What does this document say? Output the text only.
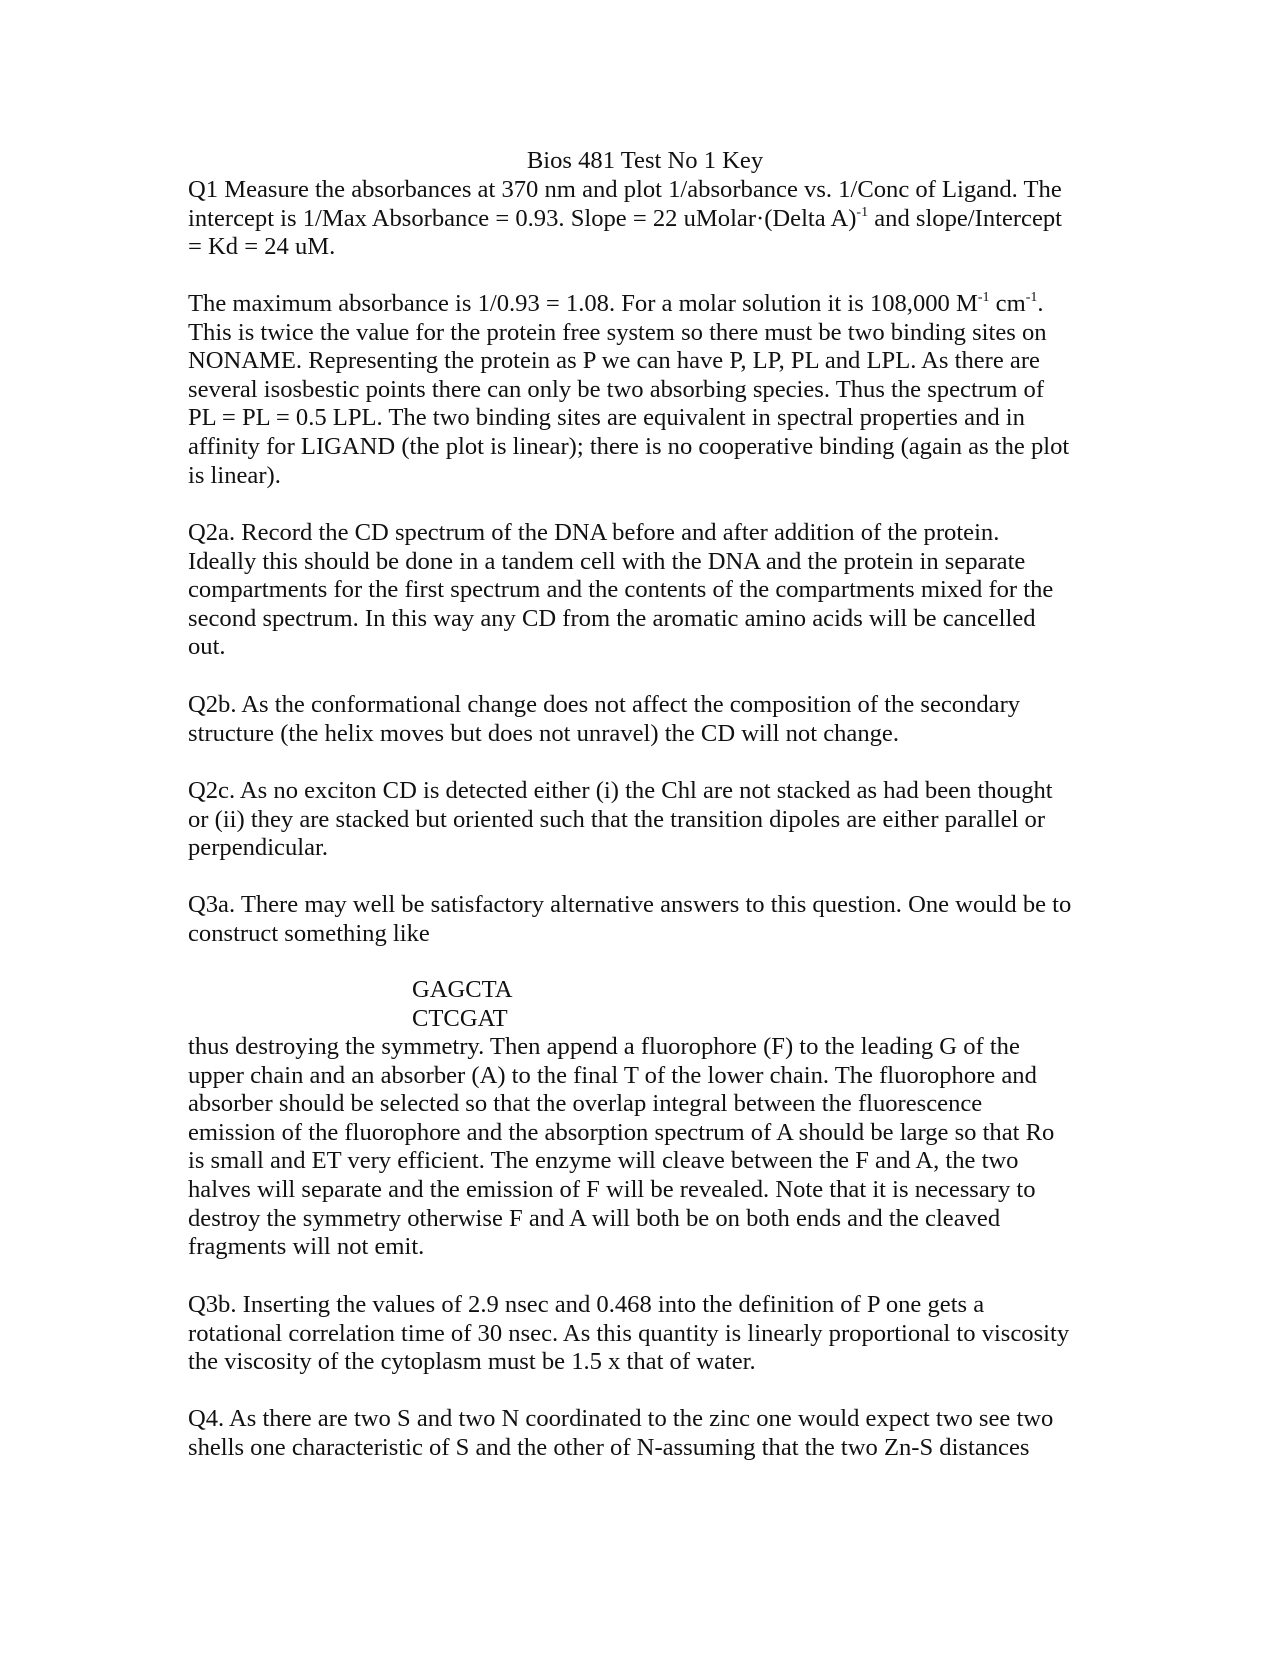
Bios 481 Test No 1 Key
Q1 Measure the absorbances at 370 nm and plot 1/absorbance vs. 1/Conc of Ligand. The
intercept is 1/Max Absorbance = 0.93. Slope = 22 uMolar·(Delta A)$^{-1}$ and slope/Intercept
= Kd = 24 uM.
The maximum absorbance is 1/0.93 = 1.08. For a molar solution it is 108,000 $M^{-1}$ $cm^{-1}$.
This is twice the value for the protein free system so there must be two binding sites on
NONAME. Representing the protein as P we can have P, LP, PL and LPL. As there are
several isosbestic points there can only be two absorbing species. Thus the spectrum of
PL = PL = 0.5 LPL. The two binding sites are equivalent in spectral properties and in
affinity for LIGAND (the plot is linear); there is no cooperative binding (again as the plot
is linear).
Q2a. Record the CD spectrum of the DNA before and after addition of the protein.
Ideally this should be done in a tandem cell with the DNA and the protein in separate
compartments for the first spectrum and the contents of the compartments mixed for the
second spectrum. In this way any CD from the aromatic amino acids will be cancelled
out.
Q2b. As the conformational change does not affect the composition of the secondary
structure (the helix moves but does not unravel) the CD will not change.
Q2c. As no exciton CD is detected either (i) the Chl are not stacked as had been thought
or (ii) they are stacked but oriented such that the transition dipoles are either parallel or
perpendicular.
Q3a. There may well be satisfactory alternative answers to this question. One would be to
construct something like
GAGCTA
CTCGAT
thus destroying the symmetry. Then append a fluorophore (F) to the leading G of the
upper chain and an absorber (A) to the final T of the lower chain. The fluorophore and
absorber should be selected so that the overlap integral between the fluorescence
emission of the fluorophore and the absorption spectrum of A should be large so that Ro
is small and ET very efficient. The enzyme will cleave between the F and A, the two
halves will separate and the emission of F will be revealed. Note that it is necessary to
destroy the symmetry otherwise F and A will both be on both ends and the cleaved
fragments will not emit.
Q3b. Inserting the values of 2.9 nsec and 0.468 into the definition of P one gets a
rotational correlation time of 30 nsec. As this quantity is linearly proportional to viscosity
the viscosity of the cytoplasm must be 1.5 x that of water.
Q4. As there are two S and two N coordinated to the zinc one would expect two see two
shells one characteristic of S and the other of N-assuming that the two Zn-S distances
